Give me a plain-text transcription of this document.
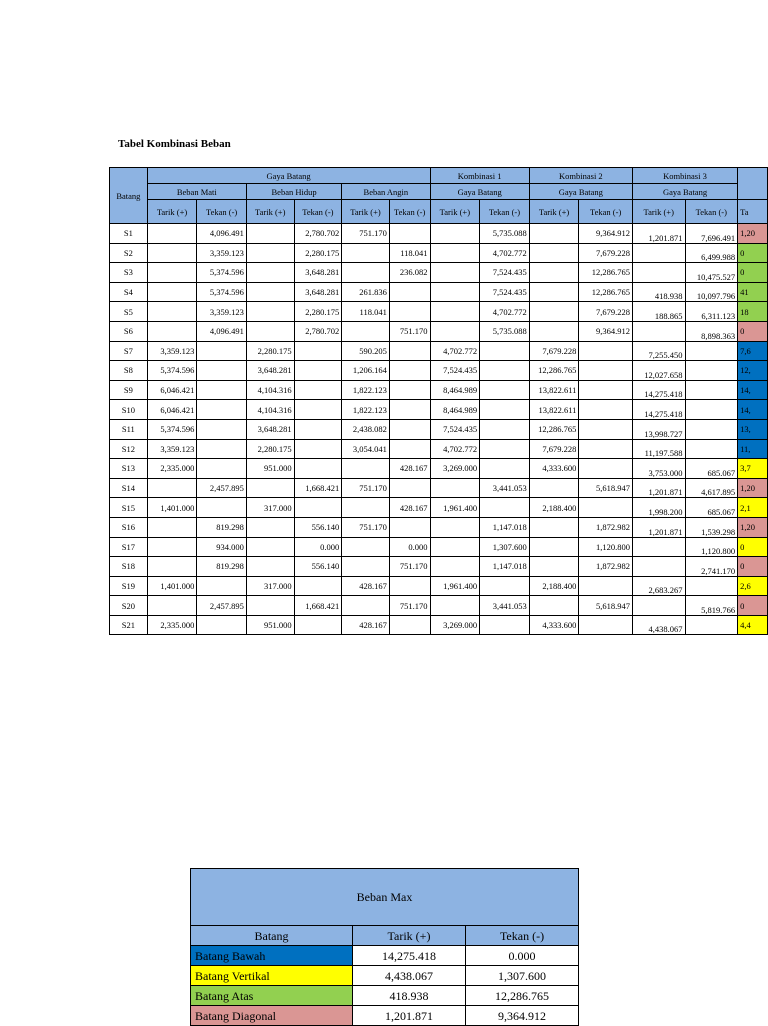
Tabel Kombinasi Beban
Batang	Gaya Batang						Kombinasi 1		Kombinasi 2		Kombinasi 3		
	Beban Mati		Beban Hidup		Beban Angin		Gaya Batang		Gaya Batang		Gaya Batang		
	Tarik (+)	Tekan (-)	Tarik (+)	Tekan (-)	Tarik (+)	Tekan (-)	Tarik (+)	Tekan (-)	Tarik (+)	Tekan (-)	Tarik (+)	Tekan (-)	Ta
S1		4,096.491		2,780.702	751.170			5,735.088		9,364.912	1,201.871	7,696.491	1,20
S2		3,359.123		2,280.175		118.041		4,702.772		7,679.228		6,499.988	0
S3		5,374.596		3,648.281		236.082		7,524.435		12,286.765		10,475.527	0
S4		5,374.596		3,648.281	261.836			7,524.435		12,286.765	418.938	10,097.796	41
S5		3,359.123		2,280.175	118.041			4,702.772		7,679.228	188.865	6,311.123	18
S6		4,096.491		2,780.702		751.170		5,735.088		9,364.912		8,898.363	0
S7	3,359.123		2,280.175		590.205		4,702.772		7,679.228		7,255.450		7,6
S8	5,374.596		3,648.281		1,206.164		7,524.435		12,286.765		12,027.658		12,
S9	6,046.421		4,104.316		1,822.123		8,464.989		13,822.611		14,275.418		14,
S10	6,046.421		4,104.316		1,822.123		8,464.989		13,822.611		14,275.418		14,
S11	5,374.596		3,648.281		2,438.082		7,524.435		12,286.765		13,998.727		13,
S12	3,359.123		2,280.175		3,054.041		4,702.772		7,679.228		11,197.588		11,
S13	2,335.000		951.000			428.167	3,269.000		4,333.600		3,753.000	685.067	3,7
S14		2,457.895		1,668.421	751.170			3,441.053		5,618.947	1,201.871	4,617.895	1,20
S15	1,401.000		317.000			428.167	1,961.400		2,188.400		1,998.200	685.067	2,1
S16		819.298		556.140	751.170			1,147.018		1,872.982	1,201.871	1,539.298	1,20
S17		934.000		0.000		0.000		1,307.600		1,120.800		1,120.800	0
S18		819.298		556.140		751.170		1,147.018		1,872.982		2,741.170	0
S19	1,401.000		317.000		428.167		1,961.400		2,188.400		2,683.267		2,6
S20		2,457.895		1,668.421		751.170		3,441.053		5,618.947		5,819.766	0
S21	2,335.000		951.000		428.167		3,269.000		4,333.600		4,438.067		4,4
Beban Max		
Batang	Tarik (+)	Tekan (-)
Batang Bawah	14,275.418	0.000
Batang Vertikal	4,438.067	1,307.600
Batang Atas	418.938	12,286.765
Batang Diagonal	1,201.871	9,364.912
